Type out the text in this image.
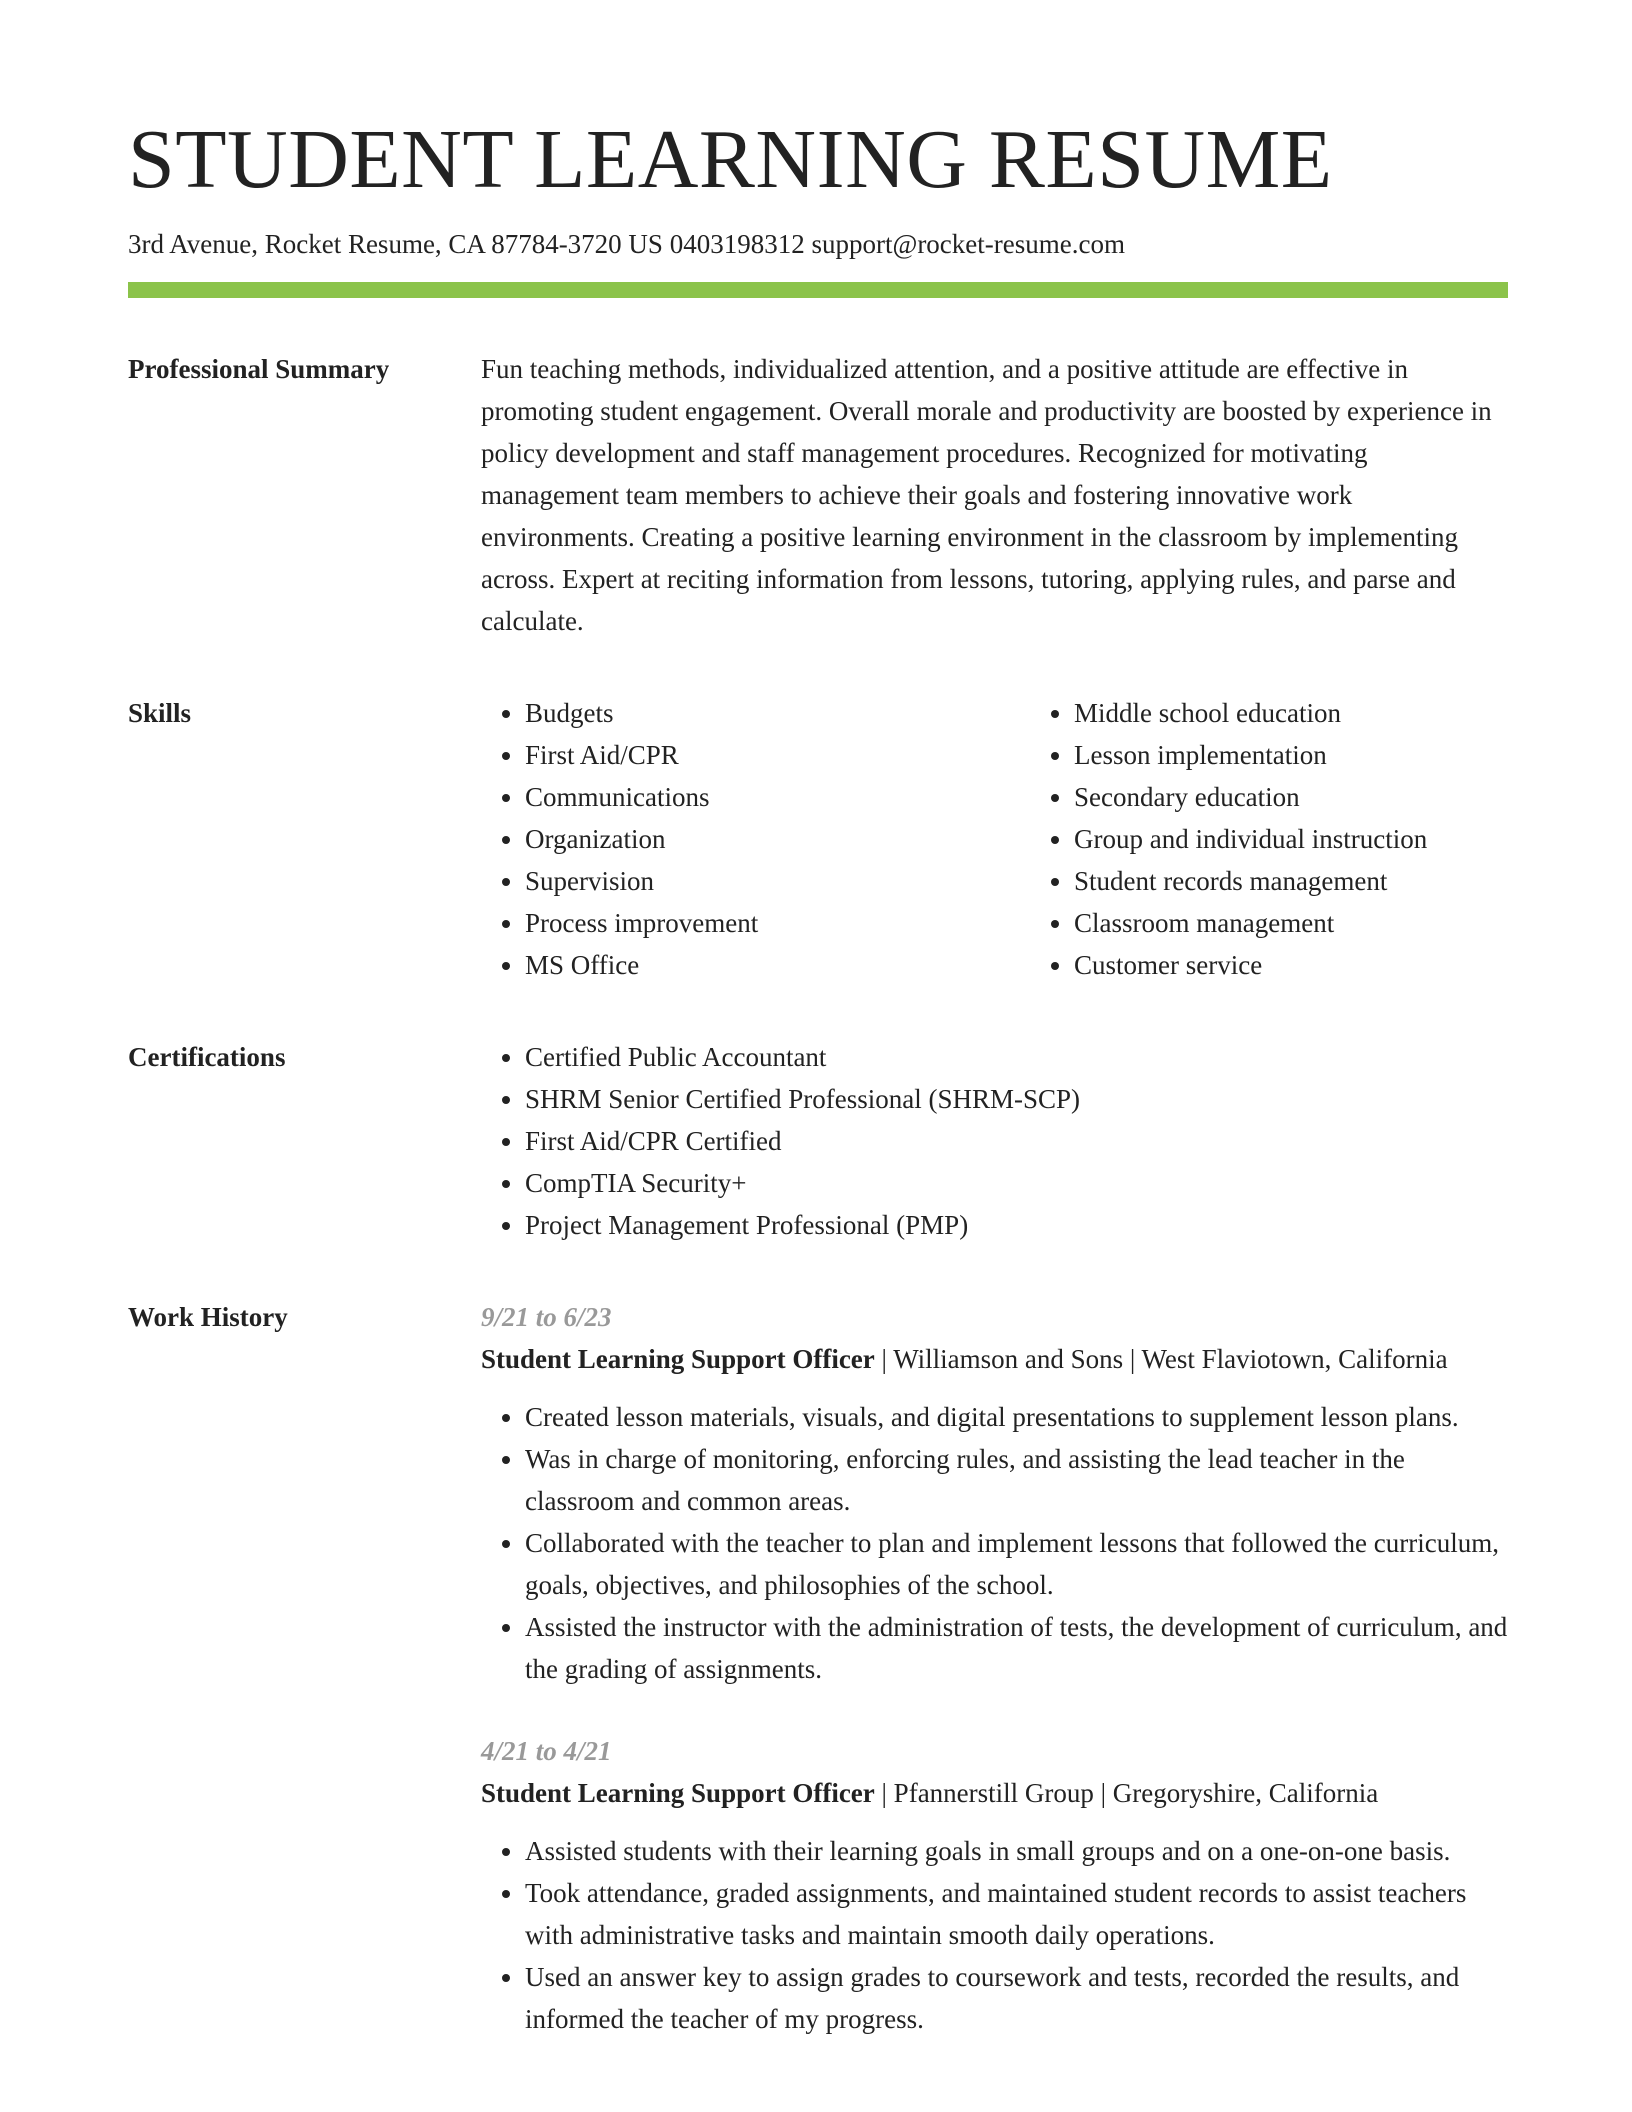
STUDENT LEARNING RESUME
3rd Avenue, Rocket Resume, CA 87784-3720 US 0403198312 support@rocket-resume.com
Professional Summary	Fun teaching methods, individualized attention, and a positive attitude are effective in promoting student engagement. Overall morale and productivity are boosted by experience in policy development and staff management procedures. Recognized for motivating management team members to achieve their goals and fostering innovative work environments. Creating a positive learning environment in the classroom by implementing across. Expert at reciting information from lessons, tutoring, applying rules, and parse and calculate.

Skills	• Budgets
• First Aid/CPR
• Communications
• Organization
• Supervision
• Process improvement
• MS Office
• Middle school education
• Lesson implementation
• Secondary education
• Group and individual instruction
• Student records management
• Classroom management
• Customer service
Certifications	• Certified Public Accountant
• SHRM Senior Certified Professional (SHRM-SCP)
• First Aid/CPR Certified
• CompTIA Security+
• Project Management Professional (PMP)
Work History	9/21 to 6/23
Student Learning Support Officer | Williamson and Sons | West Flaviotown, California
• Created lesson materials, visuals, and digital presentations to supplement lesson plans.
• Was in charge of monitoring, enforcing rules, and assisting the lead teacher in the classroom and common areas.
• Collaborated with the teacher to plan and implement lessons that followed the curriculum, goals, objectives, and philosophies of the school.
• Assisted the instructor with the administration of tests, the development of curriculum, and the grading of assignments.
4/21 to 4/21
Student Learning Support Officer | Pfannerstill Group | Gregoryshire, California
• Assisted students with their learning goals in small groups and on a one-on-one basis.
• Took attendance, graded assignments, and maintained student records to assist teachers with administrative tasks and maintain smooth daily operations.
• Used an answer key to assign grades to coursework and tests, recorded the results, and informed the teacher of my progress.
